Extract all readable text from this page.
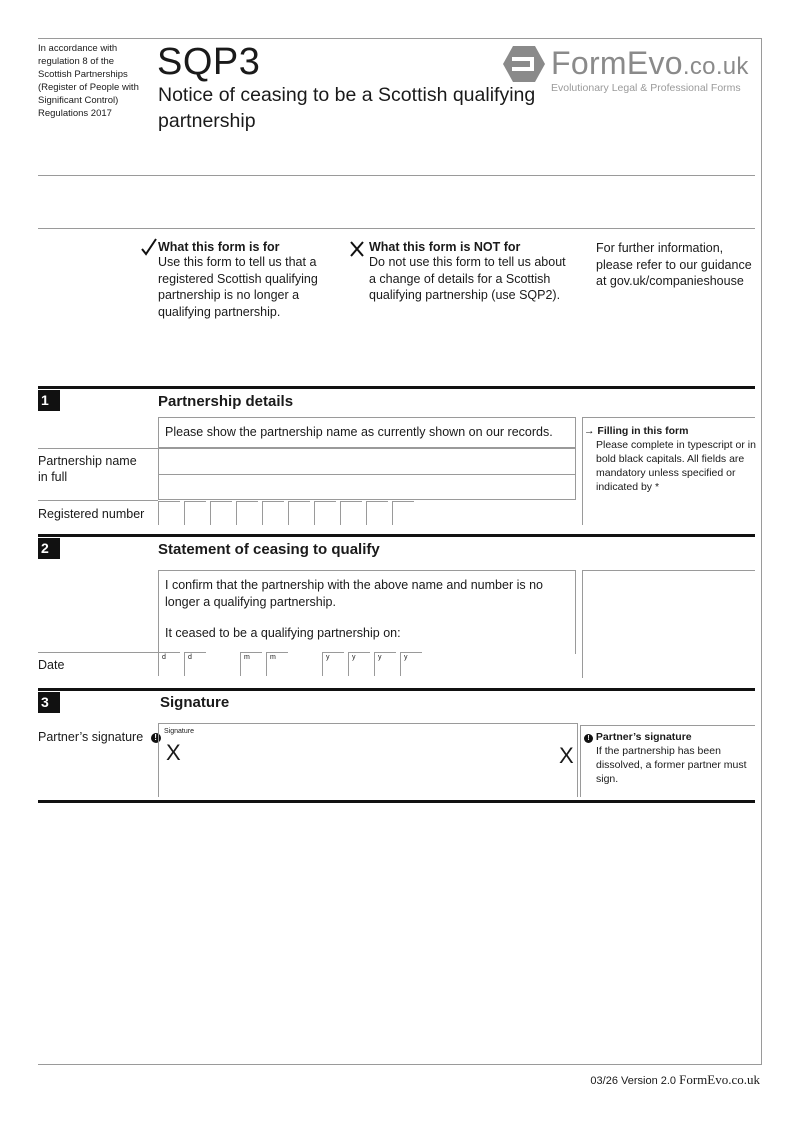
In accordance with regulation 8 of the Scottish Partnerships (Register of People with Significant Control) Regulations 2017
SQP3
Notice of ceasing to be a Scottish qualifying partnership
FormEvo.co.uk
Evolutionary Legal & Professional Forms
What this form is for
Use this form to tell us that a registered Scottish qualifying partnership is no longer a qualifying partnership.
What this form is NOT for
Do not use this form to tell us about a change of details for a Scottish qualifying partnership (use SQP2).
For further information, please refer to our guidance at gov.uk/companieshouse
1	Partnership details
Please show the partnership name as currently shown on our records.
Partnership name in full
Registered number
→ Filling in this form
Please complete in typescript or in bold black capitals. All fields are mandatory unless specified or indicated by *
2	Statement of ceasing to qualify
I confirm that the partnership with the above name and number is no longer a qualifying partnership.
It ceased to be a qualifying partnership on:
Date
d	d	m	m	y	y	y	y
3	Signature
Partner’s signature !
Signature
X	X
! Partner’s signature
If the partnership has been dissolved, a former partner must sign.
03/26 Version 2.0 FormEvo.co.uk
